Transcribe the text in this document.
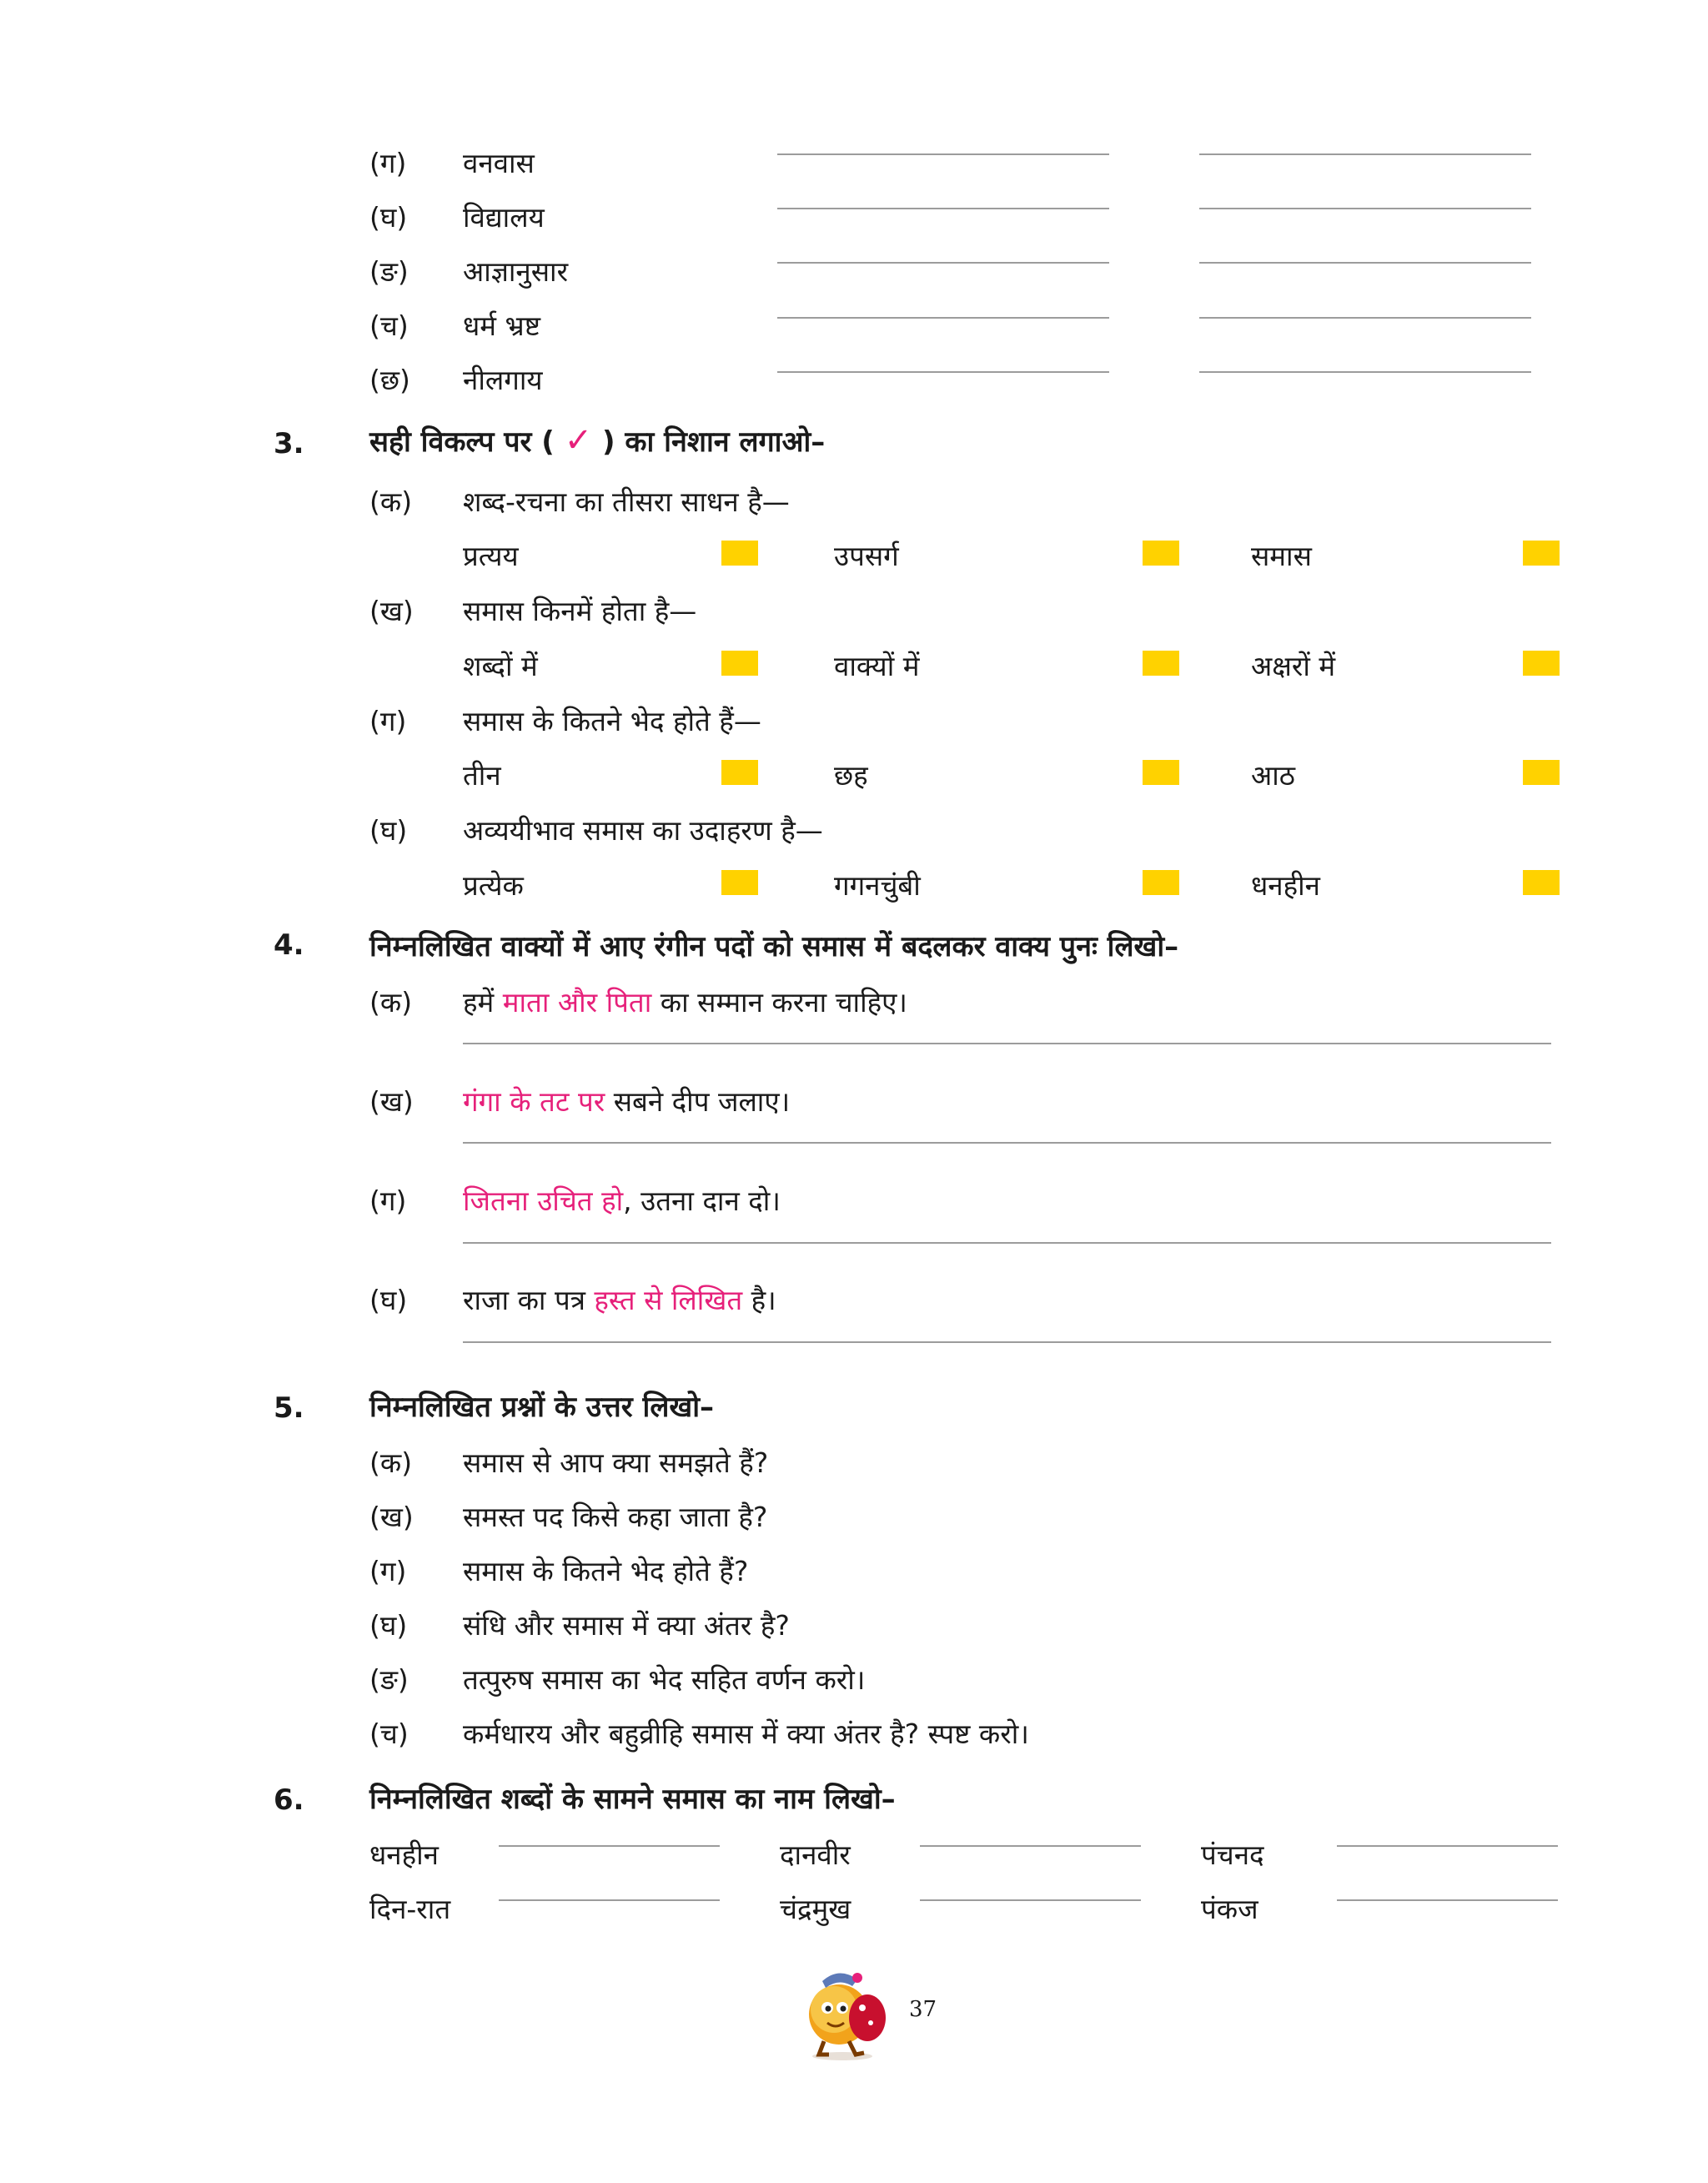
(ग) वनवास
(घ) विद्यालय
(ङ) आज्ञानुसार
(च) धर्म भ्रष्ट
(छ) नीलगाय
3. सही विकल्प पर ( ✓ ) का निशान लगाओ–
(क) शब्द-रचना का तीसरा साधन है—
प्रत्यय	उपसर्ग	समास
(ख) समास किनमें होता है—
शब्दों में	वाक्यों में	अक्षरों में
(ग) समास के कितने भेद होते हैं—
तीन	छह	आठ
(घ) अव्ययीभाव समास का उदाहरण है—
प्रत्येक	गगनचुंबी	धनहीन
4. निम्नलिखित वाक्यों में आए रंगीन पदों को समास में बदलकर वाक्य पुनः लिखो–
(क) हमें माता और पिता का सम्मान करना चाहिए।
(ख) गंगा के तट पर सबने दीप जलाए।
(ग) जितना उचित हो, उतना दान दो।
(घ) राजा का पत्र हस्त से लिखित है।
5. निम्नलिखित प्रश्नों के उत्तर लिखो–
(क) समास से आप क्या समझते हैं?
(ख) समस्त पद किसे कहा जाता है?
(ग) समास के कितने भेद होते हैं?
(घ) संधि और समास में क्या अंतर है?
(ङ) तत्पुरुष समास का भेद सहित वर्णन करो।
(च) कर्मधारय और बहुव्रीहि समास में क्या अंतर है? स्पष्ट करो।
6. निम्नलिखित शब्दों के सामने समास का नाम लिखो–
धनहीन	दानवीर	पंचनद
दिन-रात	चंद्रमुख	पंकज
37
